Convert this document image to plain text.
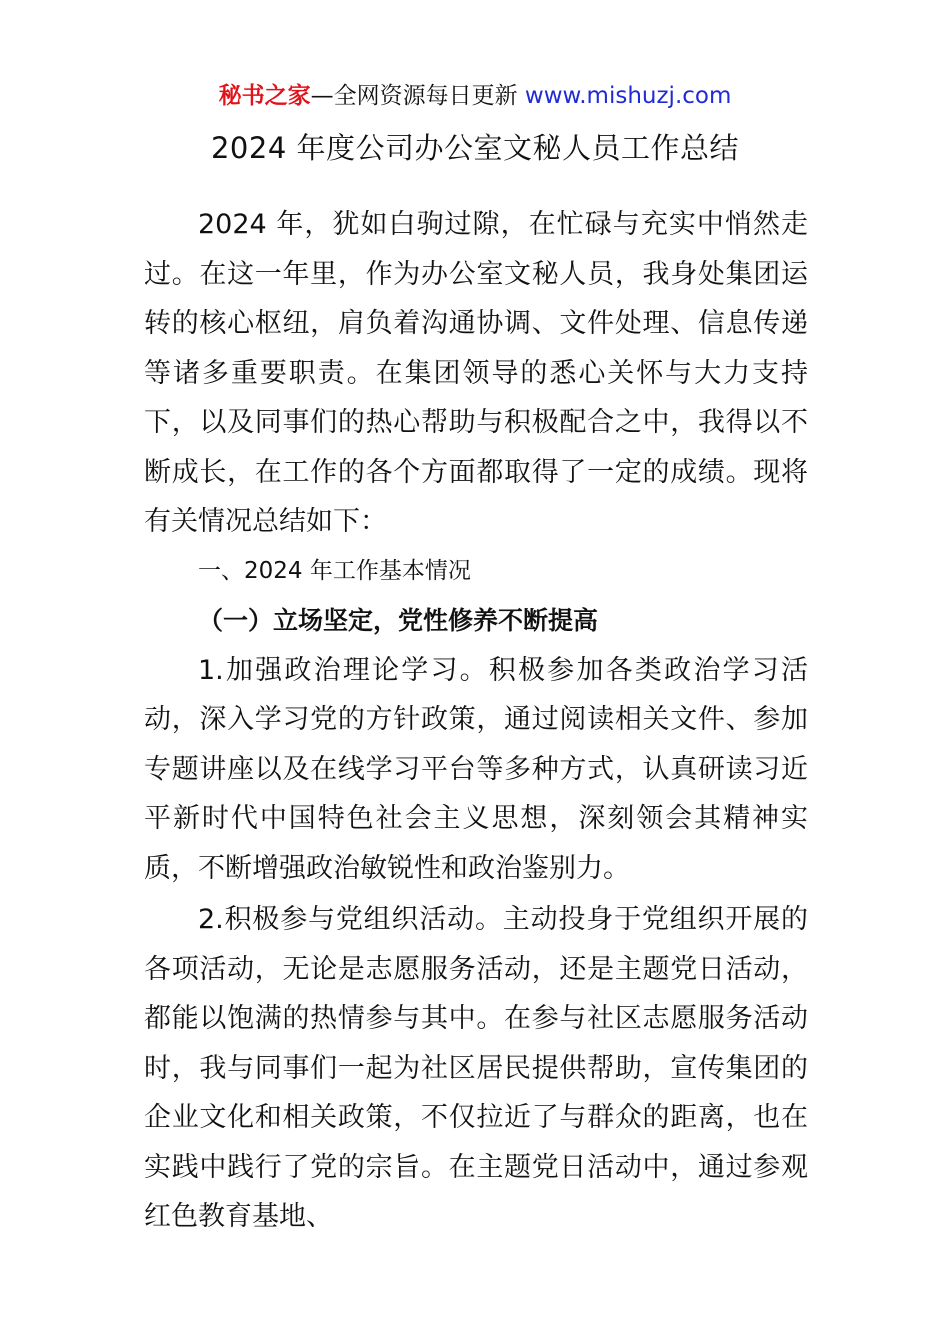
秘书之家—全网资源每日更新 www.mishuzj.com
2024 年度公司办公室文秘人员工作总结

2024 年，犹如白驹过隙，在忙碌与充实中悄然走过。在这一年里，作为办公室文秘人员，我身处集团运转的核心枢纽，肩负着沟通协调、文件处理、信息传递等诸多重要职责。在集团领导的悉心关怀与大力支持下，以及同事们的热心帮助与积极配合之中，我得以不断成长，在工作的各个方面都取得了一定的成绩。现将有关情况总结如下：

一、2024 年工作基本情况

（一）立场坚定，党性修养不断提高

1.加强政治理论学习。积极参加各类政治学习活动，深入学习党的方针政策，通过阅读相关文件、参加专题讲座以及在线学习平台等多种方式，认真研读习近平新时代中国特色社会主义思想，深刻领会其精神实质，不断增强政治敏锐性和政治鉴别力。

2.积极参与党组织活动。主动投身于党组织开展的各项活动，无论是志愿服务活动，还是主题党日活动，都能以饱满的热情参与其中。在参与社区志愿服务活动时，我与同事们一起为社区居民提供帮助，宣传集团的企业文化和相关政策，不仅拉近了与群众的距离，也在实践中践行了党的宗旨。在主题党日活动中，通过参观红色教育基地、
